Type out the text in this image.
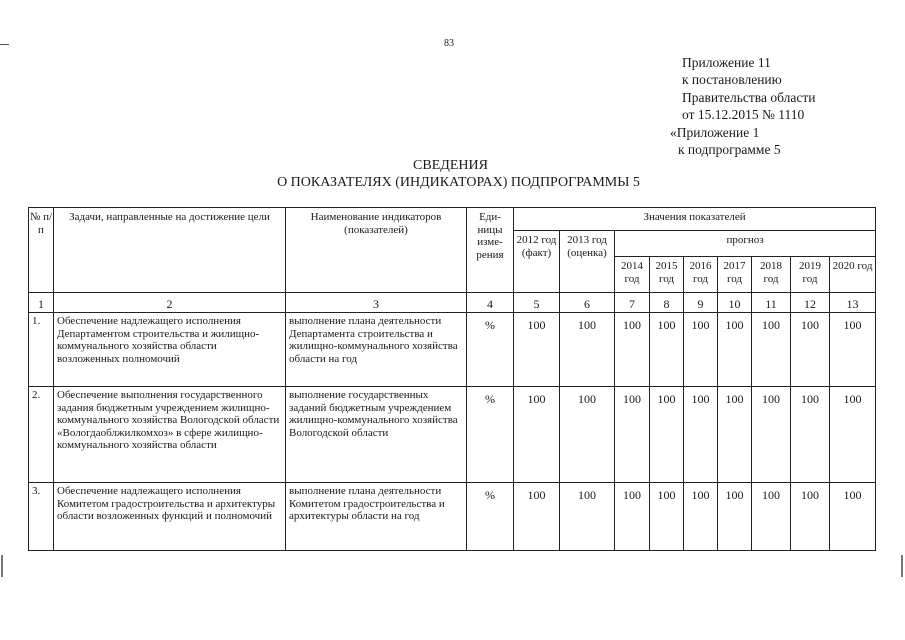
83
Приложение 11
к постановлению
Правительства области
от 15.12.2015 № 1110
«Приложение 1
к подпрограмме 5
СВЕДЕНИЯ
О ПОКАЗАТЕЛЯХ (ИНДИКАТОРАХ) ПОДПРОГРАММЫ 5
№ п/п	Задачи, направленные на достижение цели	Наименование индикаторов (показателей)	Еди-ницы изме-рения	Значения показателей								
				2012 год (факт)	2013 год (оценка)	прогноз						
						2014 год	2015 год	2016 год	2017 год	2018 год	2019 год	2020 год
1	2	3	4	5	6	7	8	9	10	11	12	13
1.	Обеспечение надлежащего исполнения Департаментом строительства и жилищно-коммунального хозяйства области возложенных полномочий	выполнение плана деятельности Департамента строительства и жилищно-коммунального хозяйства области на год	%	100	100	100	100	100	100	100	100	100
2.	Обеспечение выполнения государственного задания бюджетным учреждением жилищно-коммунального хозяйства Вологодской области «Вологдаоблжилкомхоз» в сфере жилищно-коммунального хозяйства области	выполнение государственных заданий бюджетным учреждением жилищно-коммунального хозяйства Вологодской области	%	100	100	100	100	100	100	100	100	100
3.	Обеспечение надлежащего исполнения Комитетом градостроительства и архитектуры области возложенных функций и полномочий	выполнение плана деятельности Комитетом градостроительства и архитектуры области на год	%	100	100	100	100	100	100	100	100	100
